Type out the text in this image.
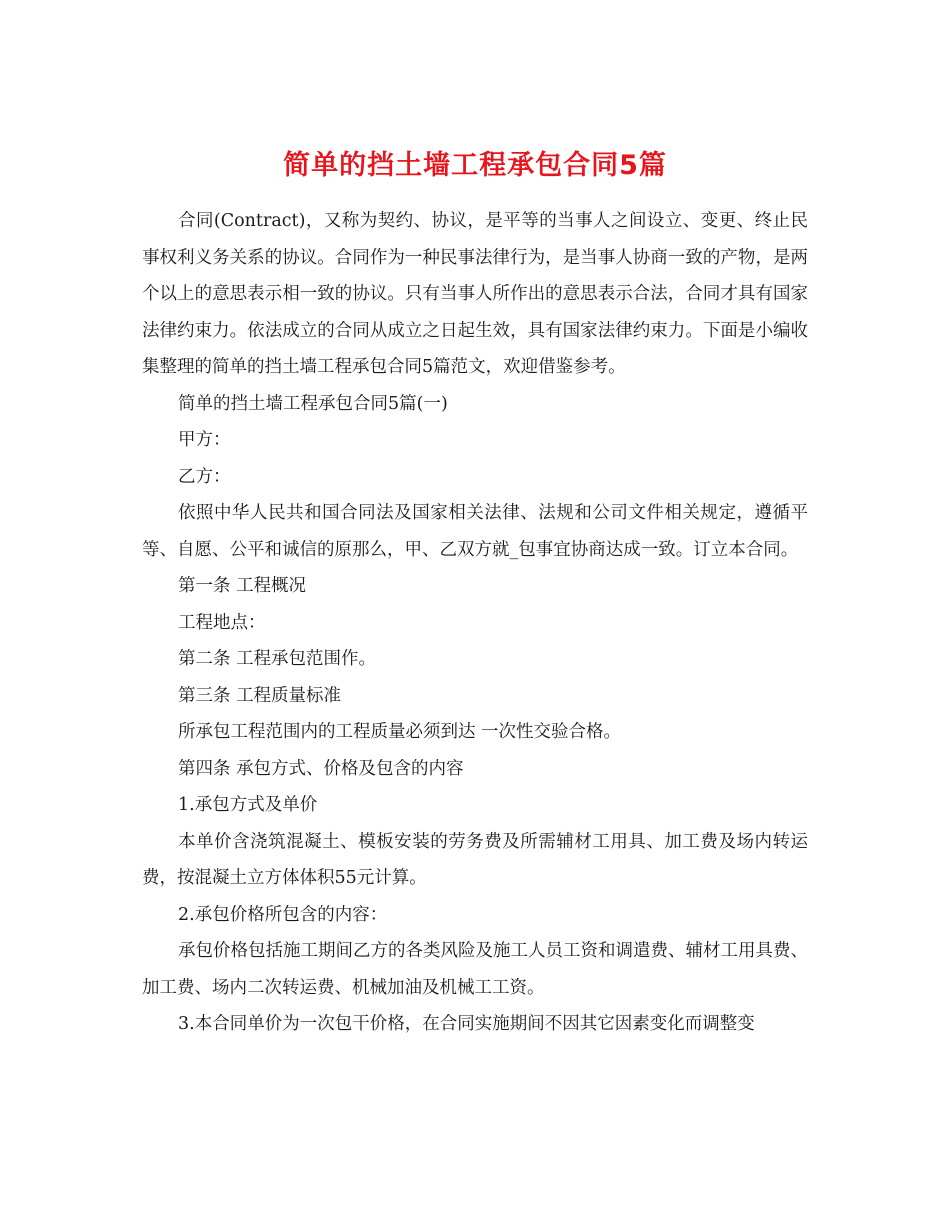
简单的挡土墙工程承包合同5篇

合同(Contract)，又称为契约、协议，是平等的当事人之间设立、变更、终止民事权利义务关系的协议。合同作为一种民事法律行为，是当事人协商一致的产物，是两个以上的意思表示相一致的协议。只有当事人所作出的意思表示合法，合同才具有国家法律约束力。依法成立的合同从成立之日起生效，具有国家法律约束力。下面是小编收集整理的简单的挡土墙工程承包合同5篇范文，欢迎借鉴参考。

简单的挡土墙工程承包合同5篇(一)

甲方：

乙方：

依照中华人民共和国合同法及国家相关法律、法规和公司文件相关规定，遵循平等、自愿、公平和诚信的原那么，甲、乙双方就_包事宜协商达成一致。订立本合同。

第一条 工程概况

工程地点：

第二条 工程承包范围作。

第三条 工程质量标准

所承包工程范围内的工程质量必须到达 一次性交验合格。

第四条 承包方式、价格及包含的内容

1.承包方式及单价

本单价含浇筑混凝土、模板安装的劳务费及所需辅材工用具、加工费及场内转运费，按混凝土立方体体积55元计算。

2.承包价格所包含的内容：

承包价格包括施工期间乙方的各类风险及施工人员工资和调遣费、辅材工用具费、加工费、场内二次转运费、机械加油及机械工工资。

3.本合同单价为一次包干价格，在合同实施期间不因其它因素变化而调整变
